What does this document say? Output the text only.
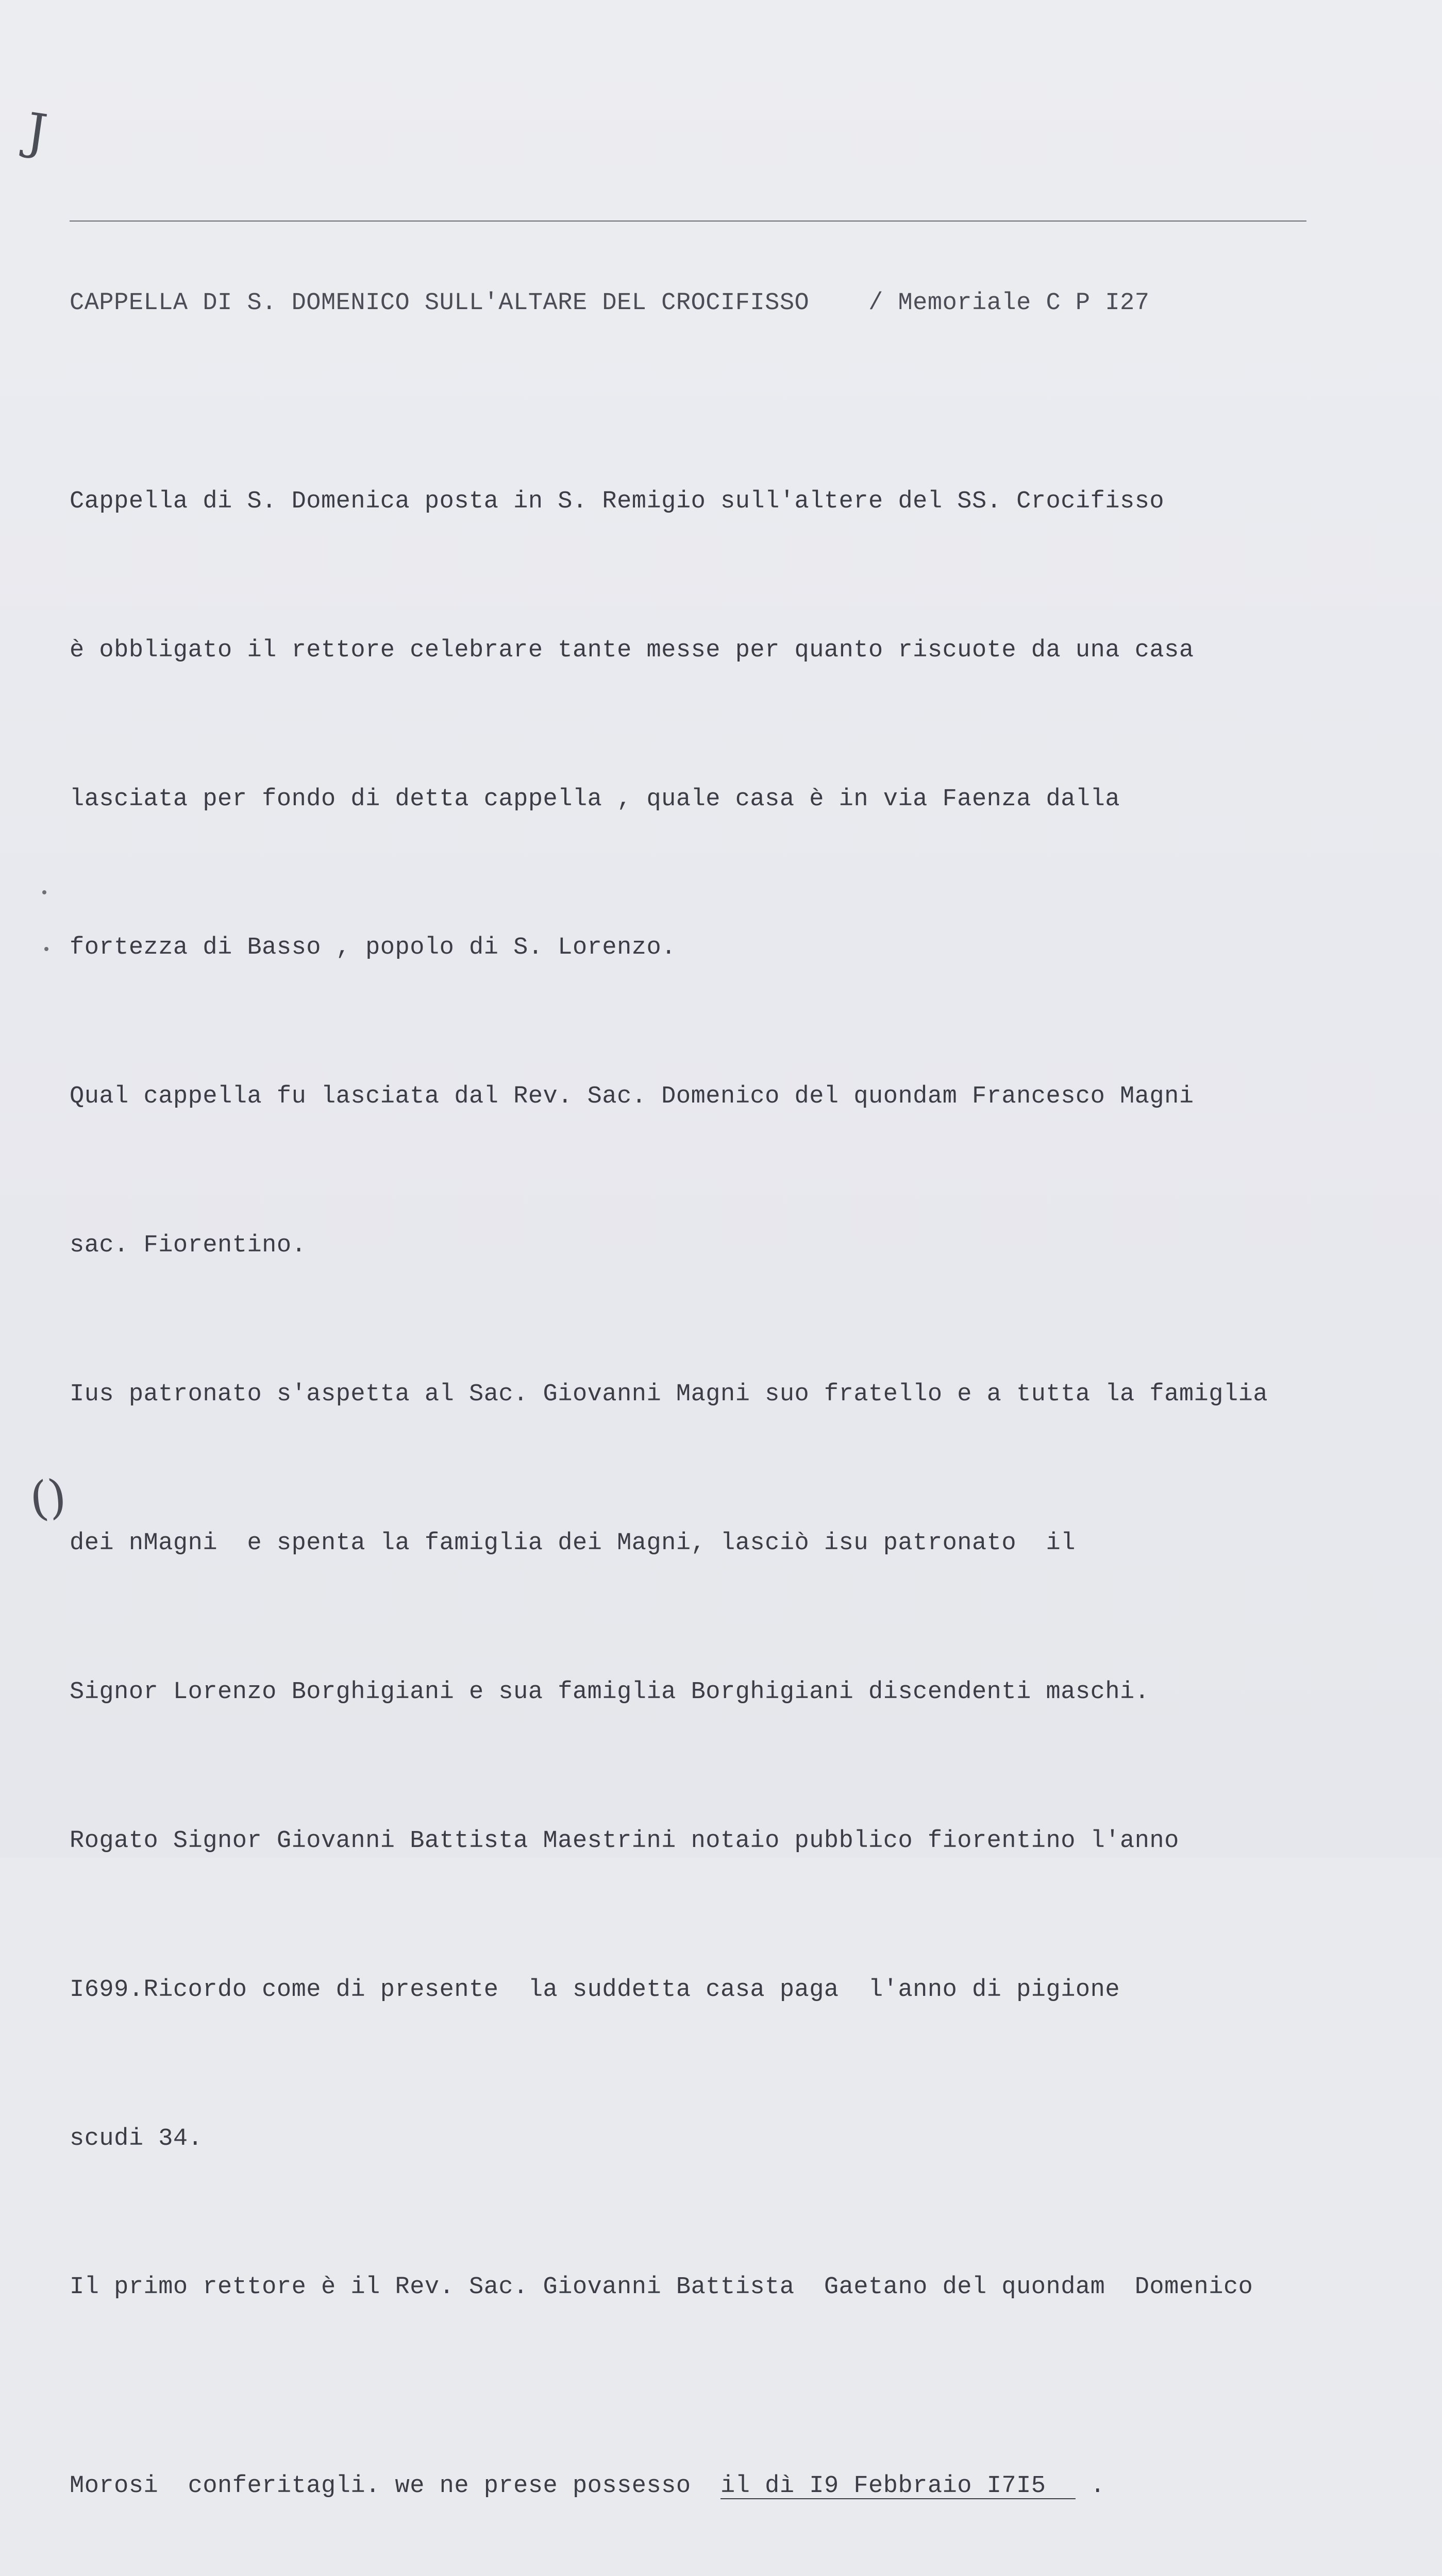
J
()

CAPPELLA DI S. DOMENICO SULL'ALTARE DEL CROCIFISSO / Memoriale C P I27

Cappella di S. Domenica posta in S. Remigio sull'altere del SS. Crocifisso

è obbligato il rettore celebrare tante messe per quanto riscuote da una casa

lasciata per fondo di detta cappella , quale casa è in via Faenza dalla

fortezza di Basso , popolo di S. Lorenzo.

Qual cappella fu lasciata dal Rev. Sac. Domenico del quondam Francesco Magni

sac. Fiorentino.

Ius patronato s'aspetta al Sac. Giovanni Magni suo fratello e a tutta la famiglia

dei nMagni  e spenta la famiglia dei Magni, lasciò isu patronato  il

Signor Lorenzo Borghigiani e sua famiglia Borghigiani discendenti maschi.

Rogato Signor Giovanni Battista Maestrini notaio pubblico fiorentino l'anno

I699.Ricordo come di presente  la suddetta casa paga  l'anno di pigione

scudi 34.

Il primo rettore è il Rev. Sac. Giovanni Battista  Gaetano del quondam  Domenico

Morosi  conferitagli. we ne prese possesso  il dì I9 Febbraio I7I5   .
